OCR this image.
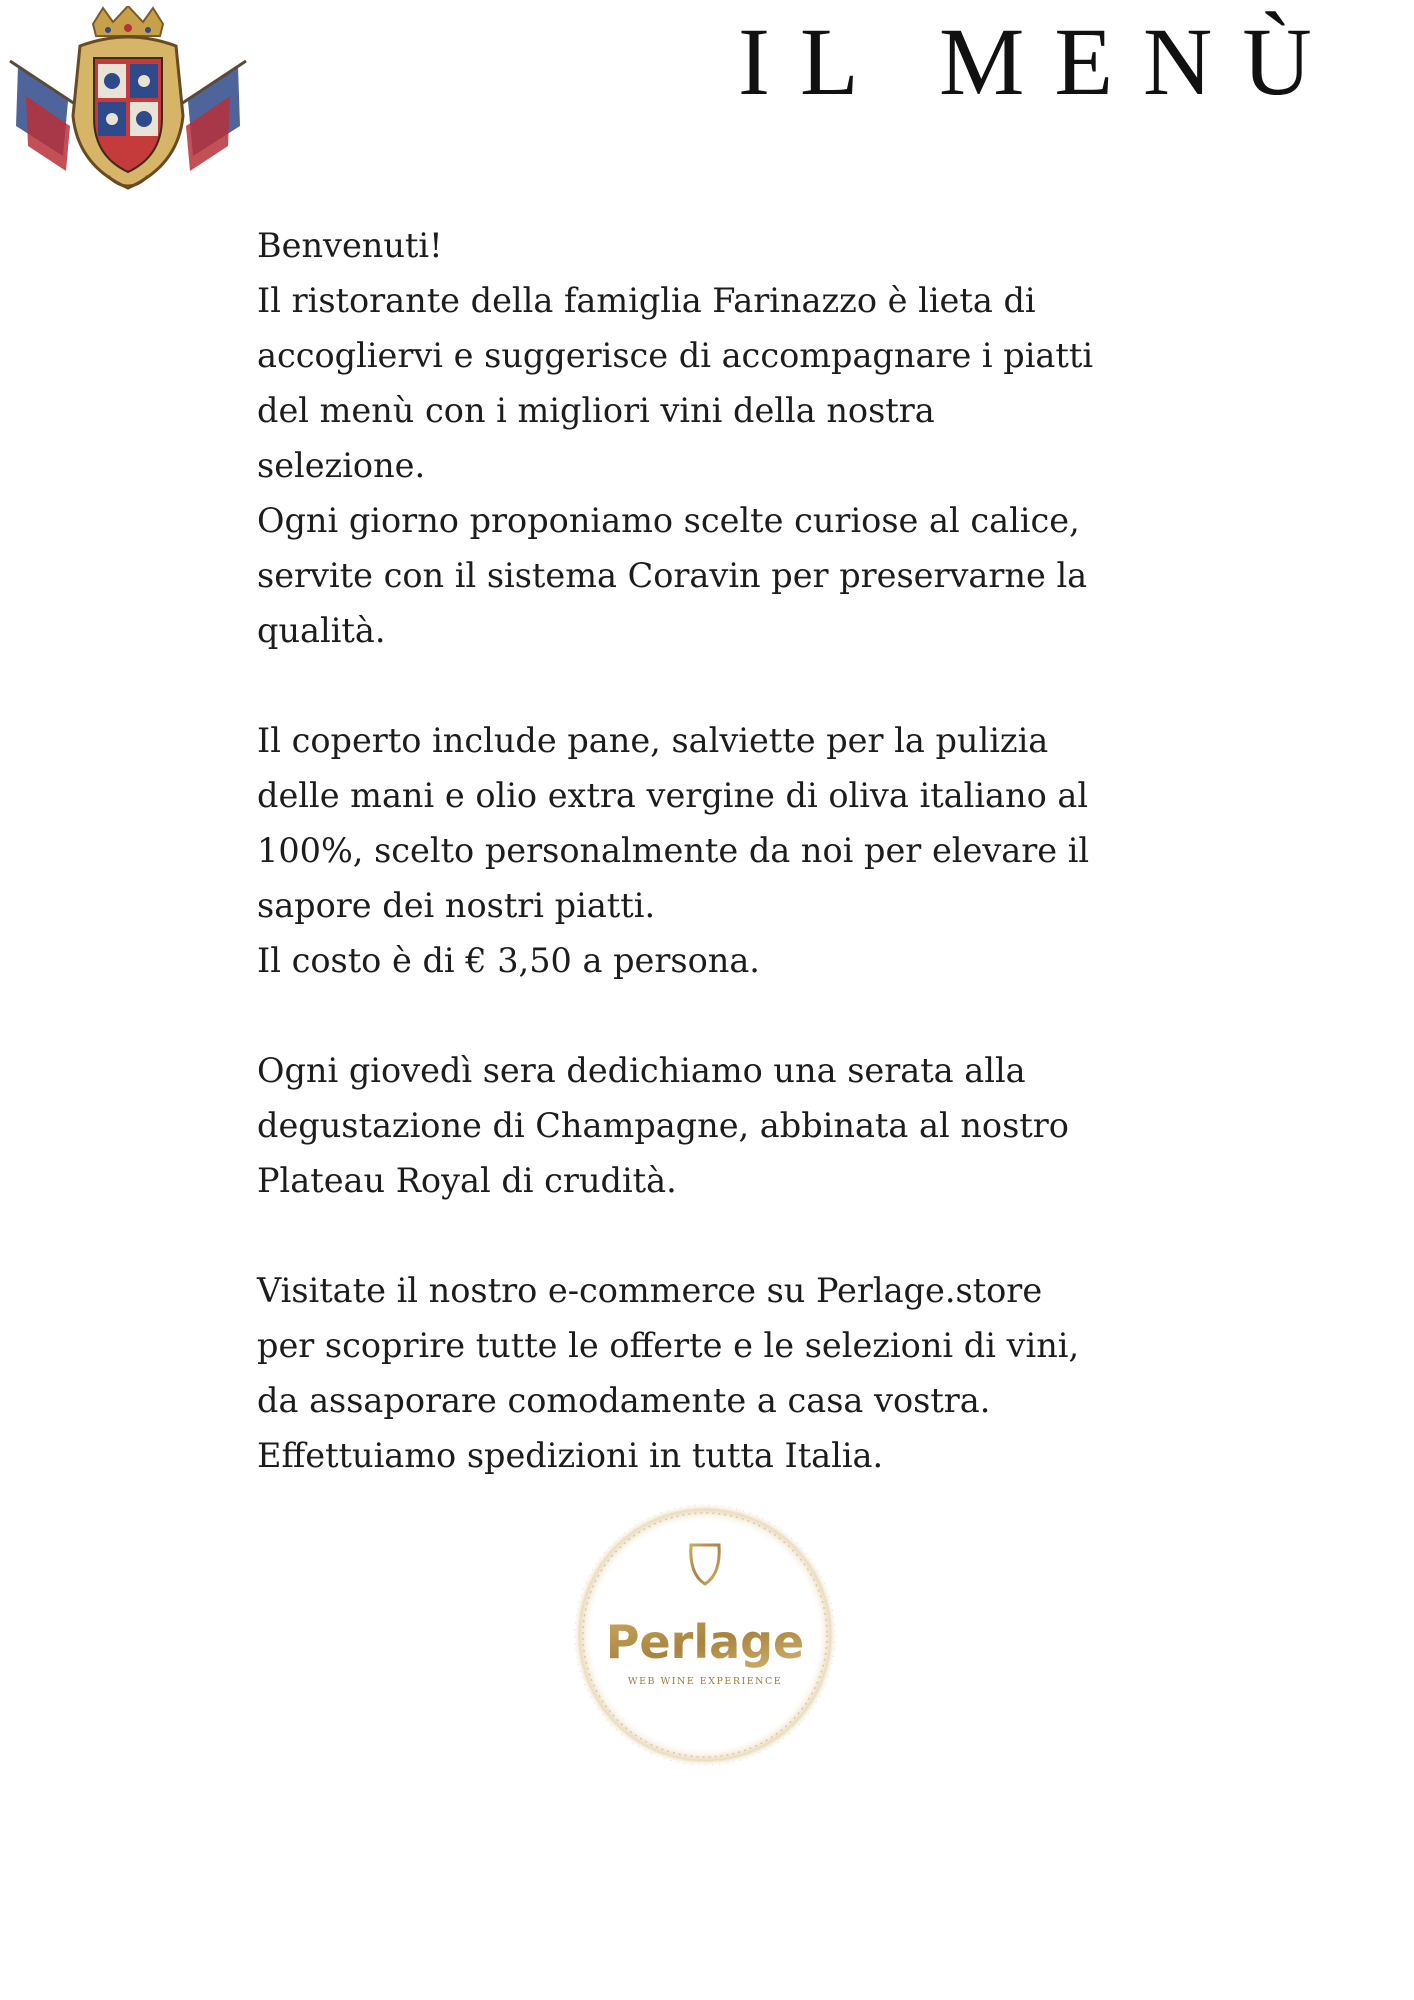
IL MENÙ

Benvenuti!
Il ristorante della famiglia Farinazzo è lieta di
accogliervi e suggerisce di accompagnare i piatti
del menù con i migliori vini della nostra
selezione.
Ogni giorno proponiamo scelte curiose al calice,
servite con il sistema Coravin per preservarne la
qualità.

Il coperto include pane, salviette per la pulizia
delle mani e olio extra vergine di oliva italiano al
100%, scelto personalmente da noi per elevare il
sapore dei nostri piatti.
Il costo è di € 3,50 a persona.

Ogni giovedì sera dedichiamo una serata alla
degustazione di Champagne, abbinata al nostro
Plateau Royal di crudità.

Visitate il nostro e-commerce su Perlage.store
per scoprire tutte le offerte e le selezioni di vini,
da assaporare comodamente a casa vostra.
Effettuiamo spedizioni in tutta Italia.

Perlage
WEB WINE EXPERIENCE
